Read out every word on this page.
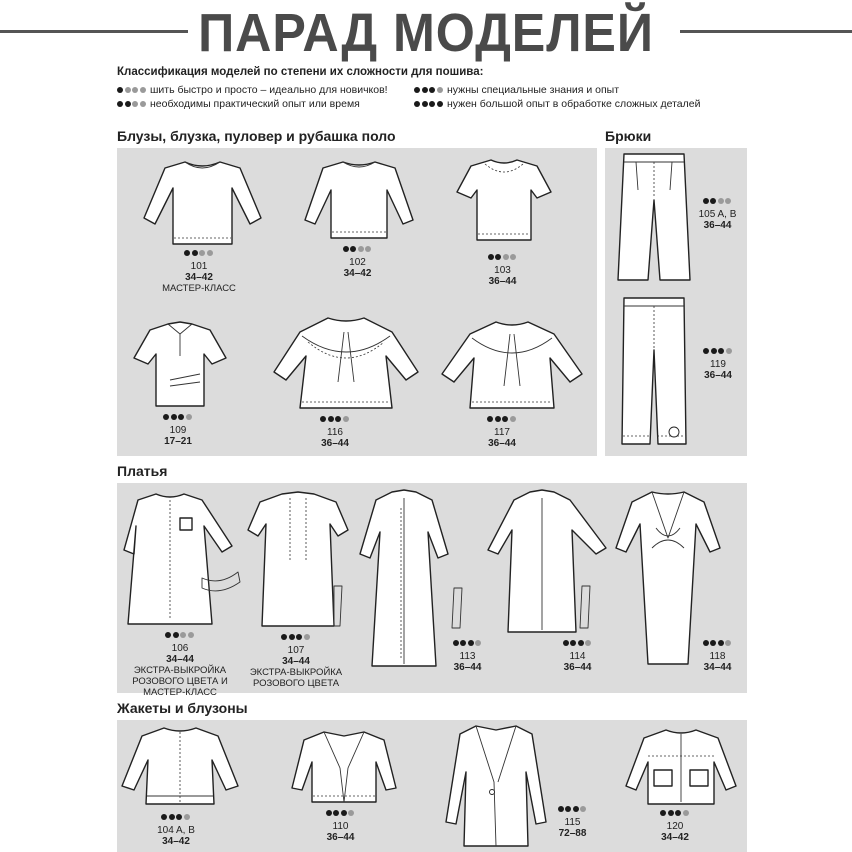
ПАРАД МОДЕЛЕЙ
Классификация моделей по степени их сложности для пошива:
шить быстро и просто – идеально для новичков!
необходимы практический опыт или время
нужны специальные знания и опыт
нужен большой опыт в обработке сложных деталей
Блузы, блузка, пуловер и рубашка поло	Брюки
Платья
Жакеты и блузоны
101
34–42
МАСТЕР-КЛАСС
102
34–42	103
36–44
109
17–21
116
36–44
117
36–44
105 A, B
36–44
119
36–44
106
34–44
ЭКСТРА-ВЫКРОЙКА РОЗОВОГО ЦВЕТА И МАСТЕР-КЛАСС
107
34–44
ЭКСТРА-ВЫКРОЙКА РОЗОВОГО ЦВЕТА
113
36–44
114
36–44
118
34–44
104 A, B
34–42
110
36–44
115
72–88
120
34–42
